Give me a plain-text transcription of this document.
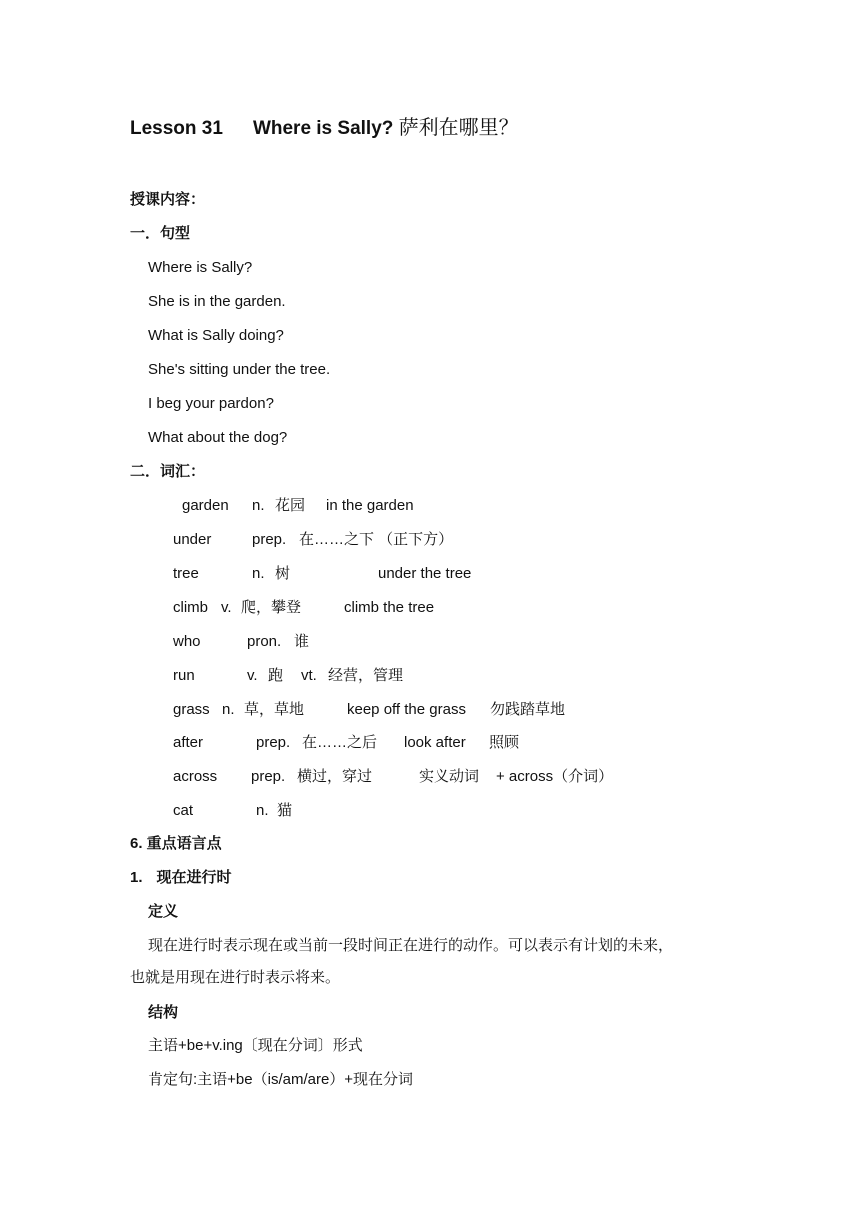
Lesson 31 Where is Sally? 萨利在哪里？
授课内容：
一．句型
Where is Sally?
She is in the garden.
What is Sally doing?
She's sitting under the tree.
I beg your pardon?
What about the dog?
二．词汇：
garden n. 花园 in the garden
under	prep. 在……之下 （正下方）
tree	n. 树	under the tree
climb v. 爬，攀登	climb the tree
who	pron. 谁
run	v. 跑 vt. 经营，管理
grass n. 草，草地	keep off the grass 勿践踏草地
after	prep. 在……之后 look after 照顾
across prep. 横过，穿过	实义动词 + across（介词）
cat	n. 猫
6. 重点语言点
1. 现在进行时
定义
现在进行时表示现在或当前一段时间正在进行的动作。可以表示有计划的未来，
也就是用现在进行时表示将来。
结构
主语+be+v.ing〔现在分词〕形式
肯定句:主语+be（is/am/are）+现在分词
